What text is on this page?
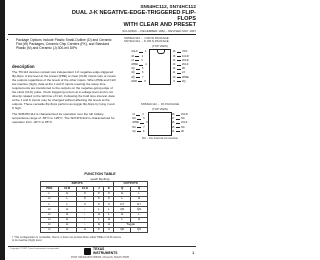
SN54HC112, SN74HC112
DUAL J-K NEGATIVE-EDGE-TRIGGERED FLIP-FLOPS
WITH CLEAR AND PRESET
SCLS099C – DECEMBER 1982 – REVISED MAY 1997
• Package Options Include Plastic Small-Outline (D) and Ceramic Flat (W) Packages, Ceramic Chip Carriers (FK), and Standard Plastic (N) and Ceramic (J) 300-mil DIPs
description

The 'HC112 devices contain two independent J-K negative-edge-triggered flip-flops. A low level at the preset (PRE) or clear (CLR) inputs sets or resets the outputs regardless of the levels of the other inputs. When PRE and CLR are inactive (high), data at the J and K inputs meeting the setup time requirements are transferred to the outputs on the negative-going edge of the clock (CLK) pulse. Clock triggering occurs at a voltage level and is not directly related to the fall time of CLK. Following the hold time interval, data at the J and K inputs may be changed without affecting the levels at the outputs. These versatile flip-flops perform as toggle flip-flops by tying J and K high.

The SN54HC112 is characterized for operation over the full military temperature range of -55°C to 125°C. The SN74HC112 is characterized for operation from -40°C to 85°C.

SN54HC112 ... J OR W PACKAGE
SN74HC112 ... D OR N PACKAGE
(TOP VIEW)
1CLK	1
1K	2
1J	3
1PRE	4
1Q	5
1Q̄	6
2Q̄	7
GND	8
16	VCC
15	1CLR
14	2CLR
13	2CLK
12	2K
11	2J
10	2PRE
9	2Q
SN54HC112 ... FK PACKAGE
(TOP VIEW)
1J	4
NC	5
1PRE	6
NC	7
1Q	8
18	2CLR
17	NC
16	2CLK
15	NC
14	2K
NC – No internal connection
FUNCTION TABLE
(each flip-flop)
INPUTS					OUTPUTS	
PRE	CLR	CLK	J	K	Q	Q̄
L	H	X	X	X	H	L
H	L	X	X	X	L	H
L	L	X	X	X	H†	H†
H	H	↓	L	L	Q0	Q̄0
H	H	↓	H	L	H	L
H	H	↓	L	H	L	H
H	H	↓	H	H	Toggle	
H	H	H	X	X	Q0	Q̄0
† This configuration is nonstable; that is, it does not persist when either PRE or CLR returns to its inactive (high) level.
Copyright © 1997, Texas Instruments Incorporated	TEXAS
INSTRUMENTS	1
POST OFFICE BOX 655303 • DALLAS, TEXAS 75265
